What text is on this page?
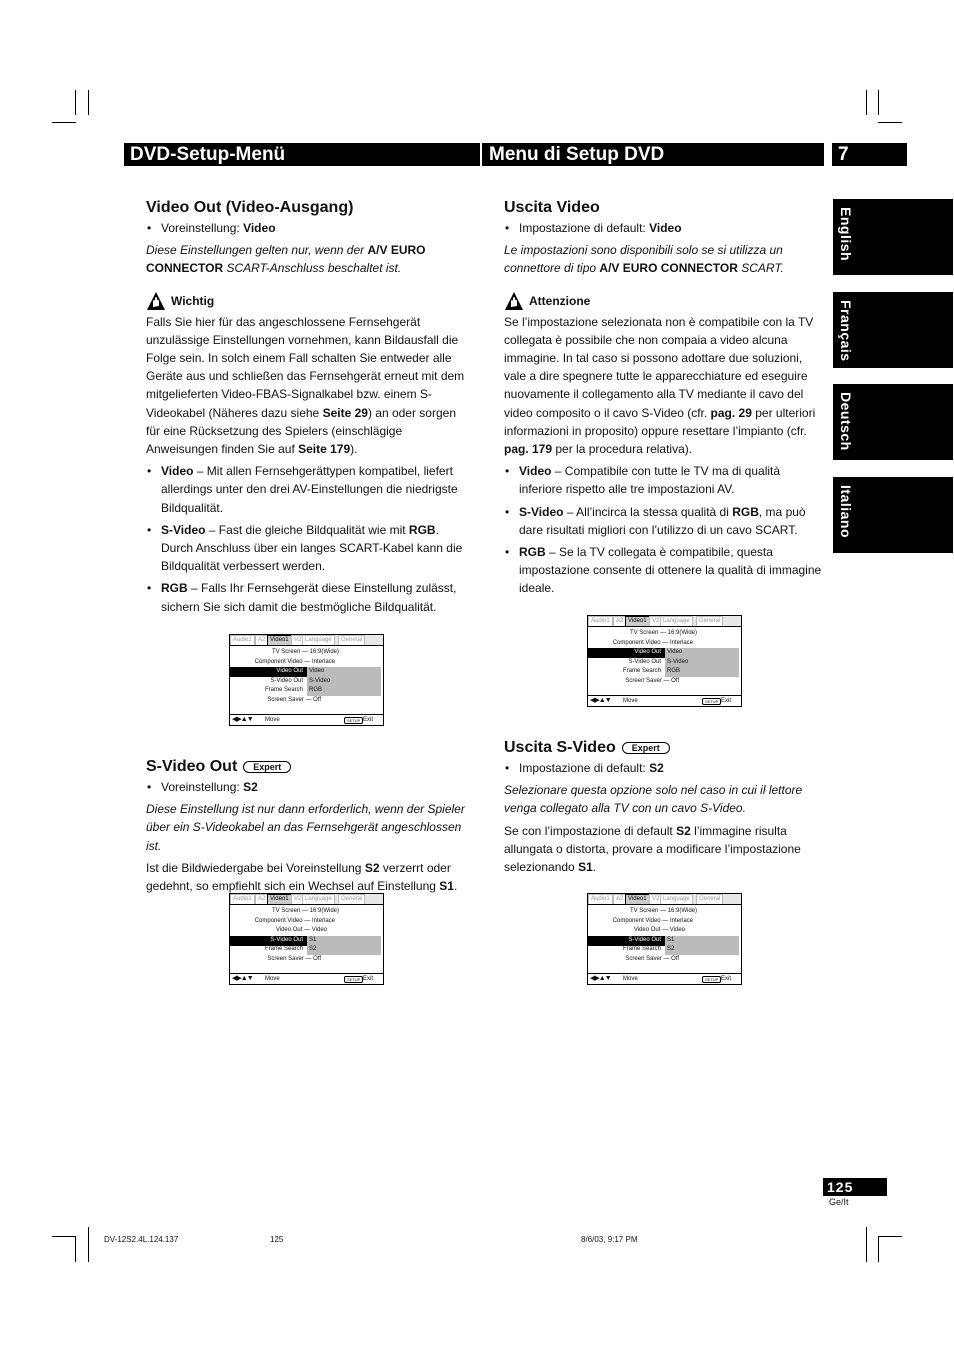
DVD-Setup-Menü	Menu di Setup DVD	7
English
Français
Deutsch
Italiano
Video Out (Video-Ausgang)
• Voreinstellung: Video

Diese Einstellungen gelten nur, wenn der A/V EURO CONNECTOR SCART-Anschluss beschaltet ist.

Wichtig

Falls Sie hier für das angeschlossene Fernsehgerät unzulässige Einstellungen vornehmen, kann Bildausfall die Folge sein. In solch einem Fall schalten Sie entweder alle Geräte aus und schließen das Fernsehgerät erneut mit dem mitgelieferten Video-FBAS-Signalkabel bzw. einem S-Videokabel (Näheres dazu siehe Seite 29) an oder sorgen für eine Rücksetzung des Spielers (einschlägige Anweisungen finden Sie auf Seite 179).

• Video – Mit allen Fernsehgerättypen kompatibel, liefert allerdings unter den drei AV-Einstellungen die niedrigste Bildqualität.
• S-Video – Fast die gleiche Bildqualität wie mit RGB. Durch Anschluss über ein langes SCART-Kabel kann die Bildqualität verbessert werden.
• RGB – Falls Ihr Fernsehgerät diese Einstellung zulässt, sichern Sie sich damit die bestmögliche Bildqualität.
Uscita Video
• Impostazione di default: Video

Le impostazioni sono disponibili solo se si utilizza un connettore di tipo A/V EURO CONNECTOR SCART.

Attenzione

Se l’impostazione selezionata non è compatibile con la TV collegata è possibile che non compaia a video alcuna immagine. In tal caso si possono adottare due soluzioni, vale a dire spegnere tutte le apparecchiature ed eseguire nuovamente il collegamento alla TV mediante il cavo del video composito o il cavo S-Video (cfr. pag. 29 per ulteriori informazioni in proposito) oppure resettare l’impianto (cfr. pag. 179 per la procedura relativa).

• Video – Compatibile con tutte le TV ma di qualità inferiore rispetto alle tre impostazioni AV.
• S-Video – All’incirca la stessa qualità di RGB, ma può dare risultati migliori con l’utilizzo di un cavo SCART.
• RGB – Se la TV collegata è compatibile, questa impostazione consente di ottenere la qualità di immagine ideale.
S-Video Out Expert
• Voreinstellung: S2

Diese Einstellung ist nur dann erforderlich, wenn der Spieler über ein S-Videokabel an das Fernsehgerät angeschlossen ist.

Ist die Bildwiedergabe bei Voreinstellung S2 verzerrt oder gedehnt, so empfiehlt sich ein Wechsel auf Einstellung S1.

Uscita S-Video Expert
• Impostazione di default: S2

Selezionare questa opzione solo nel caso in cui il lettore venga collegato alla TV con un cavo S-Video.

Se con l’impostazione di default S2 l’immagine risulta allungata o distorta, provare a modificare l’impostazione selezionando S1.

Audio1	A2 Video1 V2 Language	General
TV Screen — 16:9(Wide)
Component Video — Interlace
Video Out	Video
S-Video Out S-Video
Frame Search RGB
Screen Saver — Off
◀▶▲▼ Move	SETUP Exit
Audio1	A2 Video1 V2 Language	General
TV Screen — 16:9(Wide)
Component Video — Interlace
Video Out	Video
S-Video Out S-Video
Frame Search RGB
Screen Saver — Off
◀▶▲▼ Move	SETUP Exit
Audio1	A2 Video1 V2 Language	General
TV Screen — 16:9(Wide)
Component Video — Interlace
Video Out — Video
S-Video Out	S1
Frame Search S2
Screen Saver — Off
◀▶▲▼ Move	SETUP Exit
Audio1	A2 Video1 V2 Language	General
TV Screen — 16:9(Wide)
Component Video — Interlace
Video Out — Video
S-Video Out	S1
Frame Search S2
Screen Saver — Off
◀▶▲▼ Move	SETUP Exit
125
Ge/It
DV-12S2.4L.124.137	125	8/6/03, 9:17 PM
